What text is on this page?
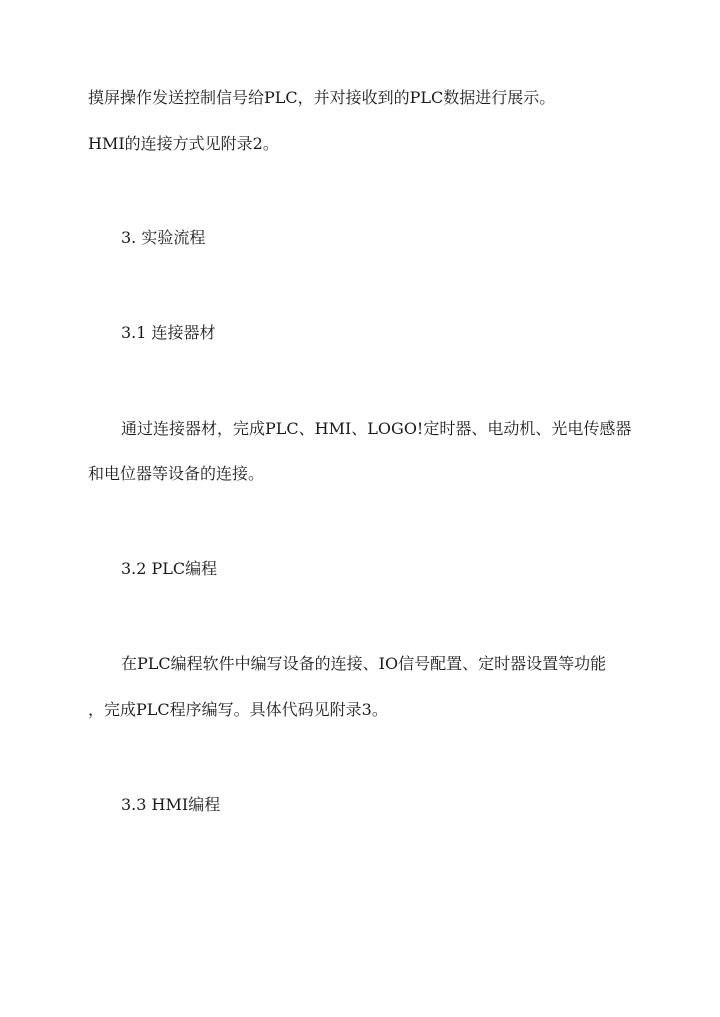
摸屏操作发送控制信号给PLC，并对接收到的PLC数据进行展示。
HMI的连接方式见附录2。
3. 实验流程
3.1 连接器材
通过连接器材，完成PLC、HMI、LOGO!定时器、电动机、光电传感器
和电位器等设备的连接。
3.2 PLC编程
在PLC编程软件中编写设备的连接、IO信号配置、定时器设置等功能
，完成PLC程序编写。具体代码见附录3。
3.3 HMI编程
